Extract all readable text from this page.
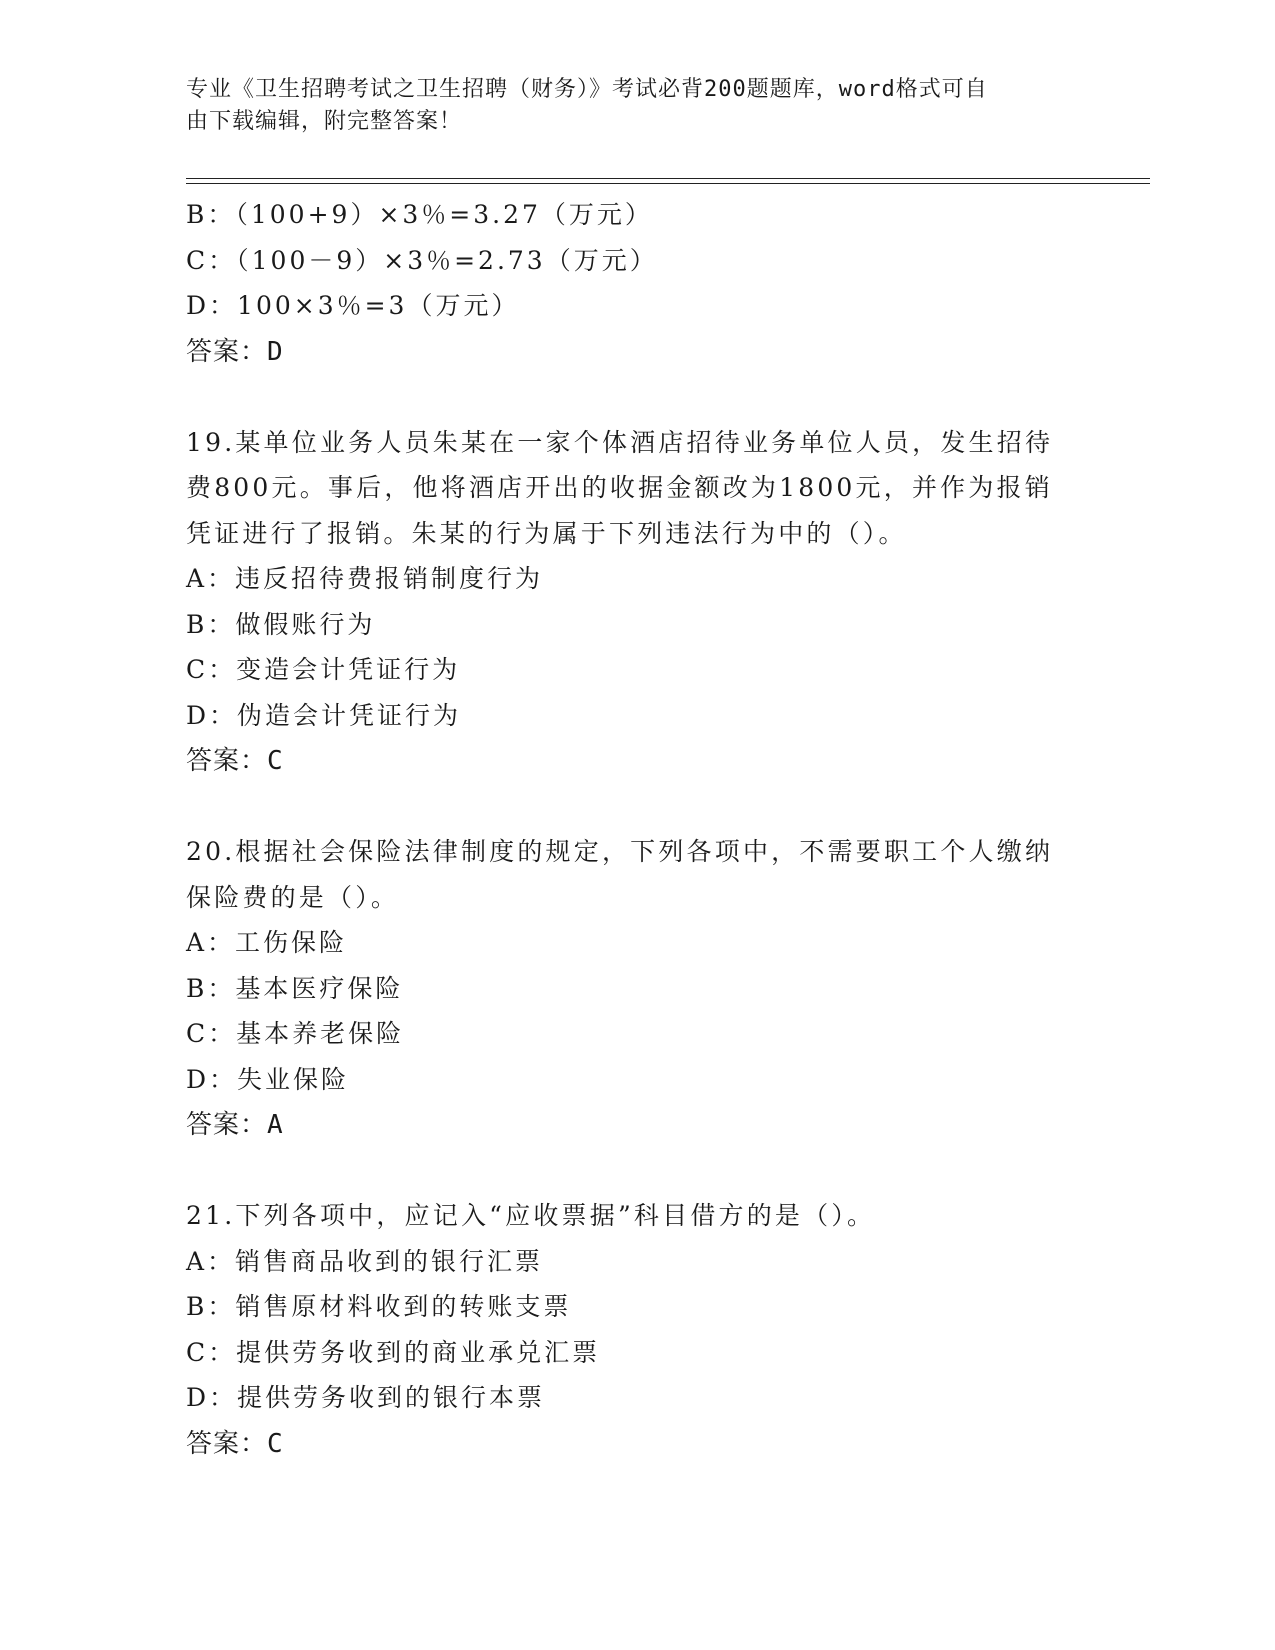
专业《卫生招聘考试之卫生招聘（财务）》考试必背200题题库，word格式可自
由下载编辑，附完整答案！
B：（100+9）×3％=3.27（万元）
C：（100－9）×3％=2.73（万元）
D：100×3％=3（万元）
答案：D
19.某单位业务人员朱某在一家个体酒店招待业务单位人员，发生招待
费800元。事后，他将酒店开出的收据金额改为1800元，并作为报销
凭证进行了报销。朱某的行为属于下列违法行为中的（）。
A：违反招待费报销制度行为
B：做假账行为
C：变造会计凭证行为
D：伪造会计凭证行为
答案：C
20.根据社会保险法律制度的规定，下列各项中，不需要职工个人缴纳
保险费的是（）。
A：工伤保险
B：基本医疗保险
C：基本养老保险
D：失业保险
答案：A
21.下列各项中，应记入“应收票据”科目借方的是（）。
A：销售商品收到的银行汇票
B：销售原材料收到的转账支票
C：提供劳务收到的商业承兑汇票
D：提供劳务收到的银行本票
答案：C
